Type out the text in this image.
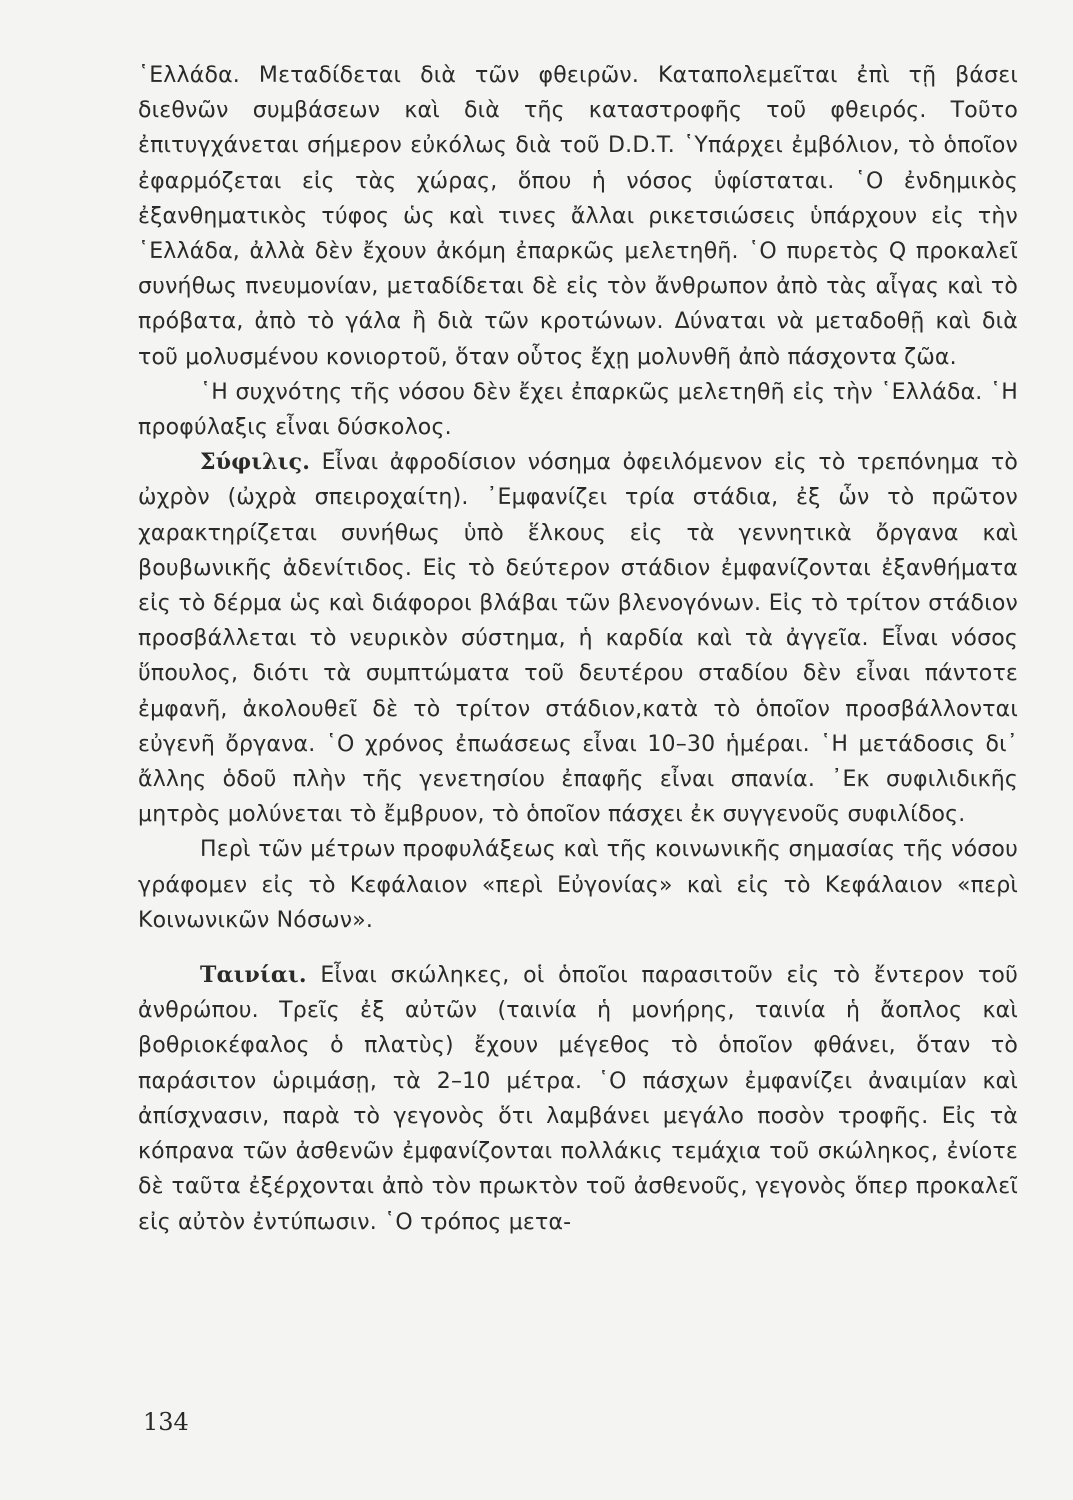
῾Ελλάδα. Μεταδίδεται διὰ τῶν φθειρῶν. Καταπολεμεῖται ἐπὶ τῇ βάσει διεθνῶν συμβάσεων καὶ διὰ τῆς καταστροφῆς τοῦ φθειρός. Τοῦτο ἐπιτυγχάνεται σήμερον εὐκόλως διὰ τοῦ D.D.T. ῾Υπάρχει ἐμβόλιον, τὸ ὁποῖον ἐφαρμόζεται εἰς τὰς χώρας, ὅπου ἡ νόσος ὑφίσταται. ῾Ο ἐνδημικὸς ἐξανθηματικὸς τύφος ὡς καὶ τινες ἄλλαι ρικετσιώσεις ὑπάρχουν εἰς τὴν ῾Ελλάδα, ἀλλὰ δὲν ἔχουν ἀκόμη ἐπαρκῶς μελετηθῆ. ῾Ο πυρετὸς Q προκαλεῖ συνήθως πνευμονίαν, μεταδίδεται δὲ εἰς τὸν ἄνθρωπον ἀπὸ τὰς αἶγας καὶ τὸ πρόβατα, ἀπὸ τὸ γάλα ἢ διὰ τῶν κροτώνων. Δύναται νὰ μεταδοθῇ καὶ διὰ τοῦ μολυσμένου κονιορτοῦ, ὅταν οὗτος ἔχῃ μολυνθῆ ἀπὸ πάσχοντα ζῶα.

῾Η συχνότης τῆς νόσου δὲν ἔχει ἐπαρκῶς μελετηθῆ εἰς τὴν ῾Ελλάδα. ῾Η προφύλαξις εἶναι δύσκολος.

Σύφιλις. Εἶναι ἀφροδίσιον νόσημα ὀφειλόμενον εἰς τὸ τρεπόνημα τὸ ὠχρὸν (ὠχρὰ σπειροχαίτη). ᾿Εμφανίζει τρία στάδια, ἐξ ὧν τὸ πρῶτον χαρακτηρίζεται συνήθως ὑπὸ ἕλκους εἰς τὰ γεννητικὰ ὄργανα καὶ βουβωνικῆς ἀδενίτιδος. Εἰς τὸ δεύτερον στάδιον ἐμφανίζονται ἐξανθήματα εἰς τὸ δέρμα ὡς καὶ διάφοροι βλάβαι τῶν βλενογόνων. Εἰς τὸ τρίτον στάδιον προσβάλλεται τὸ νευρικὸν σύστημα, ἡ καρδία καὶ τὰ ἀγγεῖα. Εἶναι νόσος ὕπουλος, διότι τὰ συμπτώματα τοῦ δευτέρου σταδίου δὲν εἶναι πάντοτε ἐμφανῆ, ἀκολουθεῖ δὲ τὸ τρίτον στάδιον,κατὰ τὸ ὁποῖον προσβάλλονται εὐγενῆ ὄργανα. ῾Ο χρόνος ἐπωάσεως εἶναι 10–30 ἡμέραι. ῾Η μετάδοσις δι᾿ ἄλλης ὁδοῦ πλὴν τῆς γενετησίου ἐπαφῆς εἶναι σπανία. ᾿Εκ συφιλιδικῆς μητρὸς μολύνεται τὸ ἔμβρυον, τὸ ὁποῖον πάσχει ἐκ συγγενοῦς συφιλίδος.

Περὶ τῶν μέτρων προφυλάξεως καὶ τῆς κοινωνικῆς σημασίας τῆς νόσου γράφομεν εἰς τὸ Κεφάλαιον «περὶ Εὐγονίας» καὶ εἰς τὸ Κεφάλαιον «περὶ Κοινωνικῶν Νόσων».

Ταινίαι. Εἶναι σκώληκες, οἱ ὁποῖοι παρασιτοῦν εἰς τὸ ἔντερον τοῦ ἀνθρώπου. Τρεῖς ἐξ αὐτῶν (ταινία ἡ μονήρης, ταινία ἡ ἄοπλος καὶ βοθριοκέφαλος ὁ πλατὺς) ἔχουν μέγεθος τὸ ὁποῖον φθάνει, ὅταν τὸ παράσιτον ὡριμάσῃ, τὰ 2–10 μέτρα. ῾Ο πάσχων ἐμφανίζει ἀναιμίαν καὶ ἀπίσχνασιν, παρὰ τὸ γεγονὸς ὅτι λαμβάνει μεγάλο ποσὸν τροφῆς. Εἰς τὰ κόπρανα τῶν ἀσθενῶν ἐμφανίζονται πολλάκις τεμάχια τοῦ σκώληκος, ἐνίοτε δὲ ταῦτα ἐξέρχονται ἀπὸ τὸν πρωκτὸν τοῦ ἀσθενοῦς, γεγονὸς ὅπερ προκαλεῖ εἰς αὐτὸν ἐντύπωσιν. ῾Ο τρόπος μετα-

134
